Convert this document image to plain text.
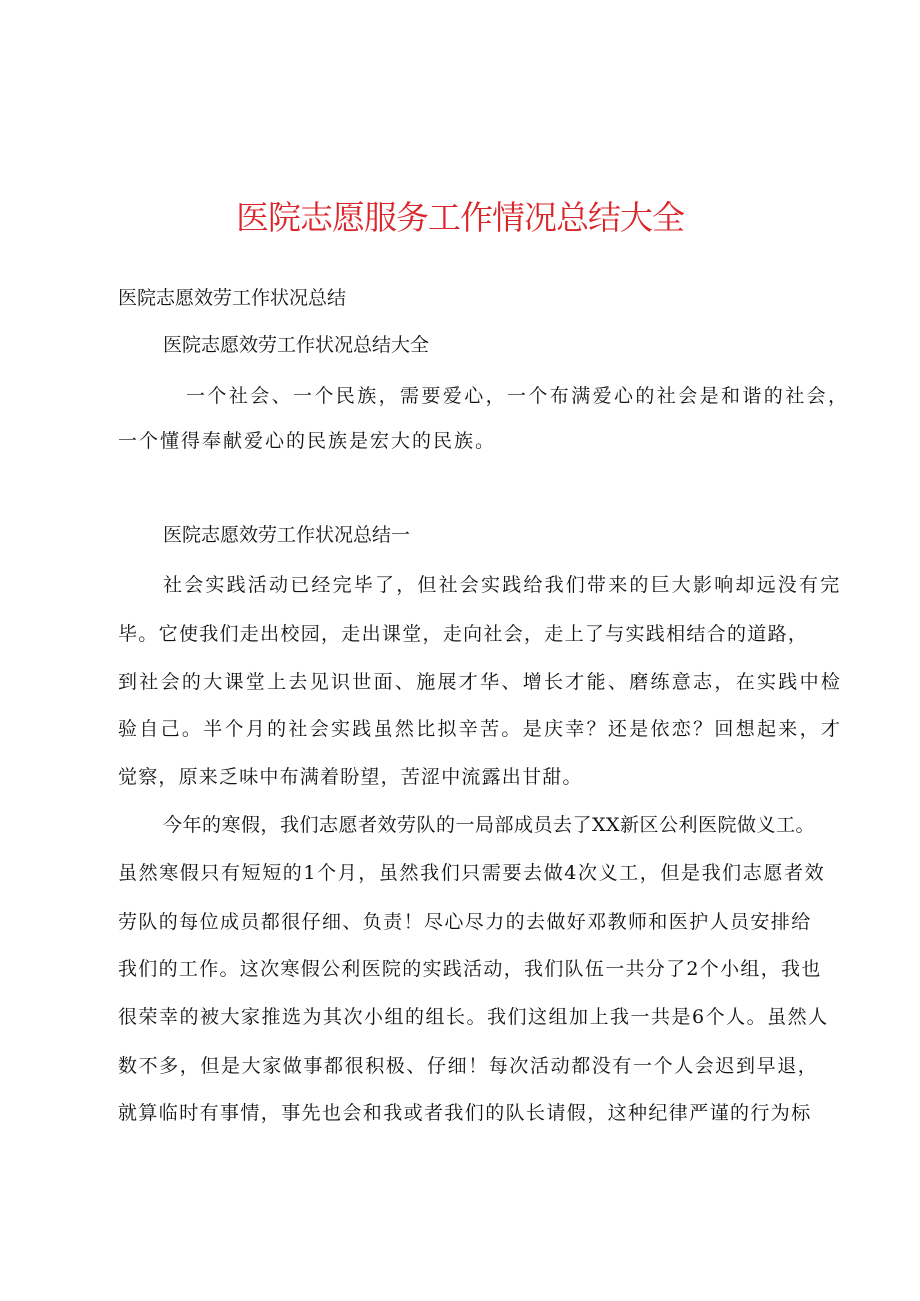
医院志愿服务工作情况总结大全

医院志愿效劳工作状况总结

医院志愿效劳工作状况总结大全

一个社会、一个民族，需要爱心，一个布满爱心的社会是和谐的社会，

一个懂得奉献爱心的民族是宏大的民族。

医院志愿效劳工作状况总结一

社会实践活动已经完毕了，但社会实践给我们带来的巨大影响却远没有完
毕。它使我们走出校园，走出课堂，走向社会，走上了与实践相结合的道路，
到社会的大课堂上去见识世面、施展才华、增长才能、磨练意志，在实践中检
验自己。半个月的社会实践虽然比拟辛苦。是庆幸？还是依恋？回想起来，才
觉察，原来乏味中布满着盼望，苦涩中流露出甘甜。
今年的寒假，我们志愿者效劳队的一局部成员去了XX新区公利医院做义工。
虽然寒假只有短短的1个月，虽然我们只需要去做4次义工，但是我们志愿者效
劳队的每位成员都很仔细、负责！尽心尽力的去做好邓教师和医护人员安排给
我们的工作。这次寒假公利医院的实践活动，我们队伍一共分了2个小组，我也
很荣幸的被大家推选为其次小组的组长。我们这组加上我一共是6个人。虽然人
数不多，但是大家做事都很积极、仔细！每次活动都没有一个人会迟到早退，
就算临时有事情，事先也会和我或者我们的队长请假，这种纪律严谨的行为标
